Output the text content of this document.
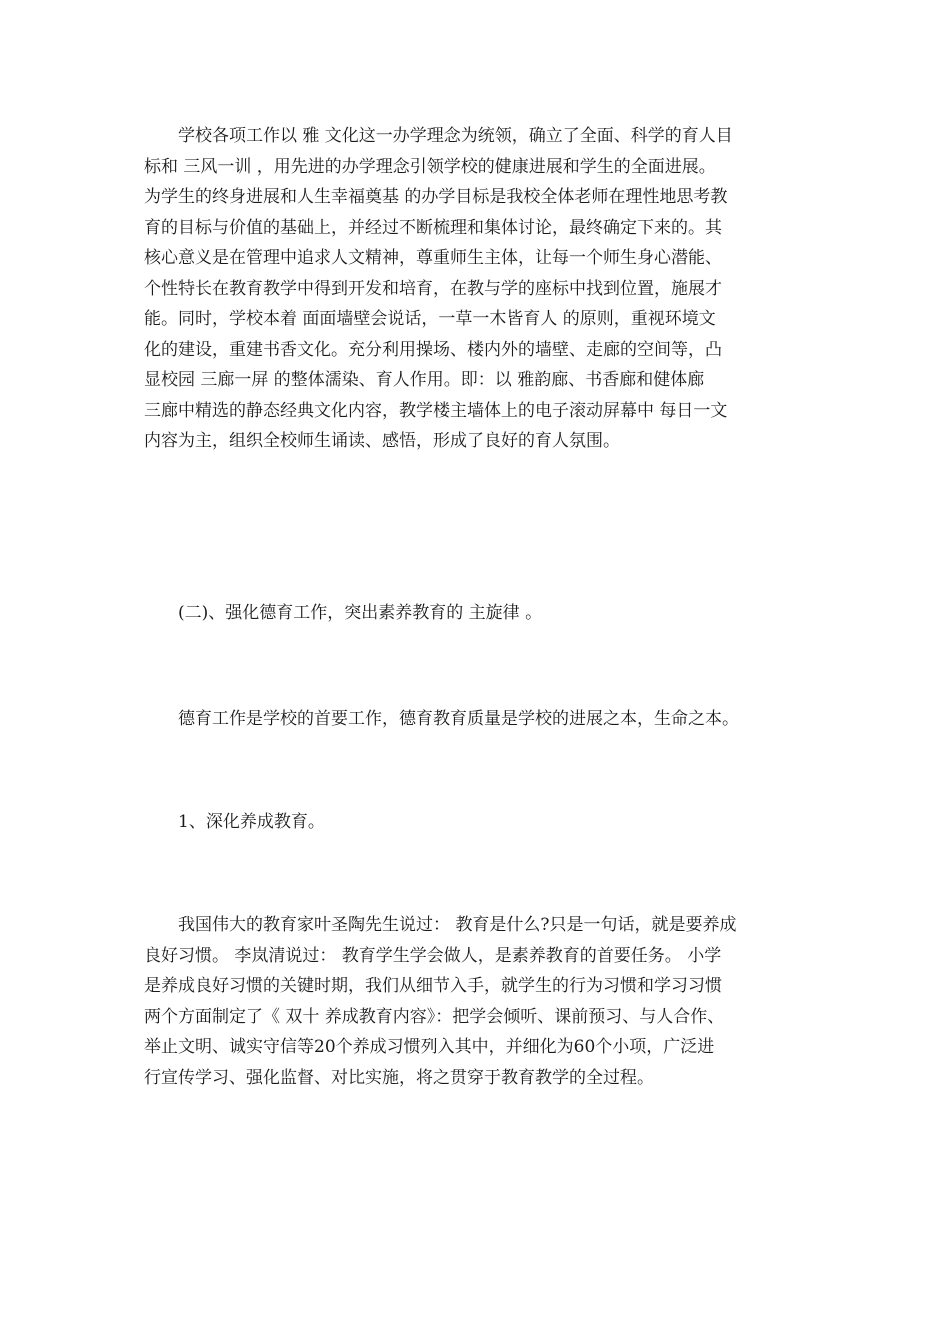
学校各项工作以 雅 文化这一办学理念为统领，确立了全面、科学的育人目
标和 三风一训 ，用先进的办学理念引领学校的健康进展和学生的全面进展。
为学生的终身进展和人生幸福奠基 的办学目标是我校全体老师在理性地思考教
育的目标与价值的基础上，并经过不断梳理和集体讨论，最终确定下来的。其
核心意义是在管理中追求人文精神，尊重师生主体，让每一个师生身心潜能、
个性特长在教育教学中得到开发和培育，在教与学的座标中找到位置，施展才
能。同时，学校本着 面面墙壁会说话，一草一木皆育人 的原则，重视环境文
化的建设，重建书香文化。充分利用操场、楼内外的墙壁、走廊的空间等，凸
显校园 三廊一屏 的整体濡染、育人作用。即：以 雅韵廊、书香廊和健体廊
三廊中精选的静态经典文化内容，教学楼主墙体上的电子滚动屏幕中 每日一文
内容为主，组织全校师生诵读、感悟，形成了良好的育人氛围。
(二)、强化德育工作，突出素养教育的 主旋律 。
德育工作是学校的首要工作，德育教育质量是学校的进展之本，生命之本。
1、深化养成教育。
我国伟大的教育家叶圣陶先生说过： 教育是什么?只是一句话，就是要养成
良好习惯。 李岚清说过： 教育学生学会做人，是素养教育的首要任务。 小学
是养成良好习惯的关键时期，我们从细节入手，就学生的行为习惯和学习习惯
两个方面制定了《 双十 养成教育内容》：把学会倾听、课前预习、与人合作、
举止文明、诚实守信等20个养成习惯列入其中，并细化为60个小项，广泛进
行宣传学习、强化监督、对比实施，将之贯穿于教育教学的全过程。
